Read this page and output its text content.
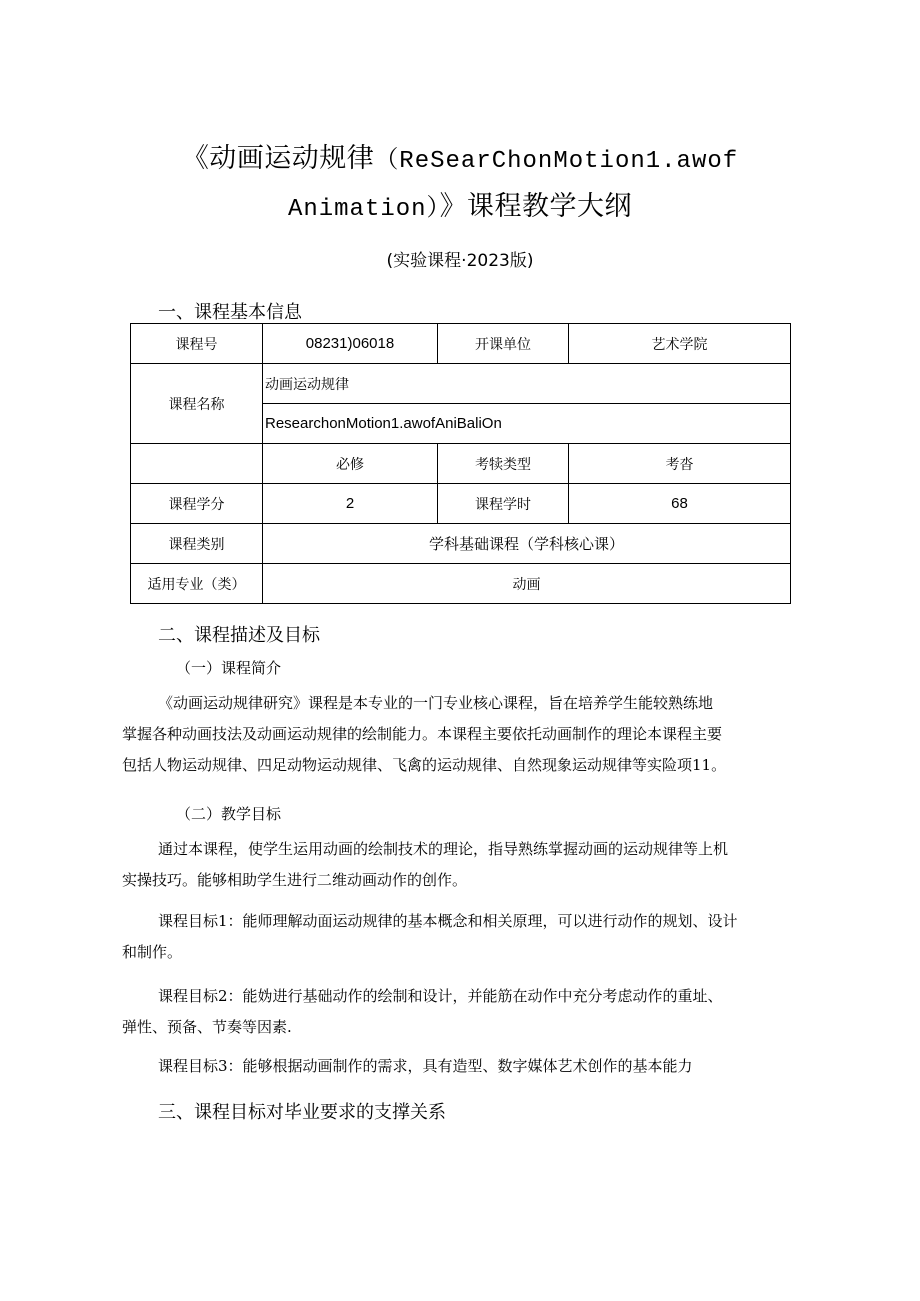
《动画运动规律（ReSearChonMotion1.awof
Animation）》课程教学大纲
(实验课程·2023版)
一、课程基本信息
课程号	08231)06018	开课单位	艺术学院
课程名称	动画运动规律		
	ResearchonMotion1.awofAniBaliOn		
	必修	考犊类型	考沓
课程学分	2	课程学时	68
课程类别	学科基础课程（学科核心课）		
适用专业（类）	动画		
二、课程描述及目标
（一）课程简介

《动画运动规律研究》课程是本专业的一门专业核心课程，旨在培养学生能较熟练地

掌握各种动画技法及动画运动规律的绘制能力。本课程主要依托动画制作的理论本课程主要

包括人物运动规律、四足动物运动规律、飞禽的运动规律、自然现象运动规律等实险项11。

（二）教学目标

通过本课程，使学生运用动画的绘制技术的理论，指导熟练掌握动画的运动规律等上机

实操技巧。能够相助学生进行二维动画动作的创作。

课程目标1：能师理解动面运动规律的基本概念和相关原理，可以进行动作的规划、设计

和制作。

课程目标2：能妫进行基础动作的绘制和设计，并能筋在动作中充分考虑动作的重址、

弹性、预备、节奏等因素.

课程目标3：能够根据动画制作的需求，具有造型、数字媒体艺术创作的基本能力

三、课程目标对毕业要求的支撑关系
